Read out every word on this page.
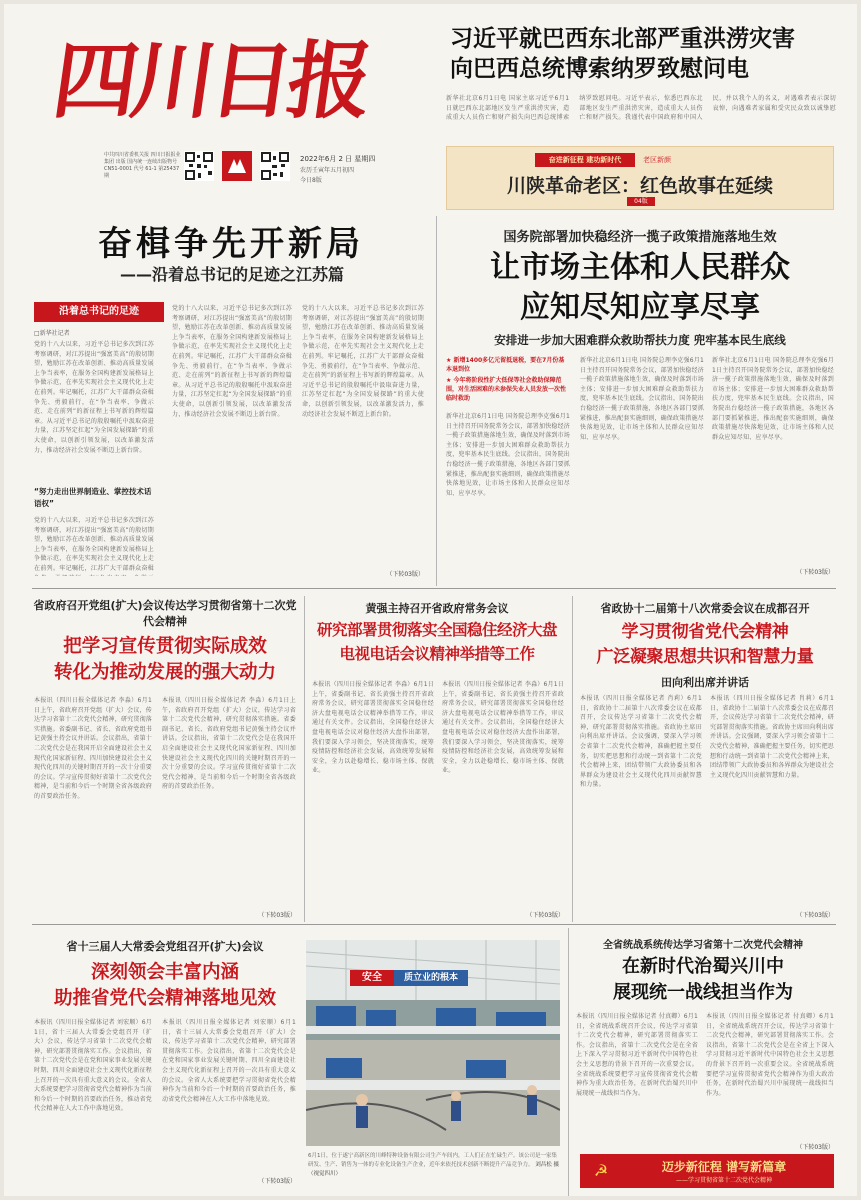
四川日报
中共四川省委机关报 四川日报报业集团 出版 国内统一连续出版物号 CN51-0001 代号 61-1 第25437期
2022年6月 2 日 星期四
农历壬寅年五月初四
今日8版
习近平就巴西东北部严重洪涝灾害
向巴西总统博索纳罗致慰问电
新华社北京6月1日电 国家主席习近平6月1日就巴西东北部地区发生严重洪涝灾害，造成重大人员伤亡和财产损失向巴西总统博索纳罗致慰问电。习近平表示，惊悉巴西东北部地区发生严重洪涝灾害，造成重大人员伤亡和财产损失。我谨代表中国政府和中国人民，并以我个人的名义，对遇难者表示深切哀悼，向遇难者家属和受灾民众致以诚挚慰
奋进新征程 建功新时代	老区新颜
川陕革命老区：红色故事在延续
04版
奋楫争先开新局
——沿着总书记的足迹之江苏篇
沿着总书记的足迹
□新华社记者
党的十八大以来，习近平总书记多次到江苏考察调研，对江苏提出“强富美高”的殷切期望，勉励江苏在改革创新、推动高质量发展上争当表率，在服务全国构建新发展格局上争做示范，在率先实现社会主义现代化上走在前列。牢记嘱托，江苏广大干部群众奋楫争先、勇毅前行，在“争当表率、争做示范、走在前列”的新征程上书写新的辉煌篇章。从习近平总书记的殷殷嘱托中汲取奋进力量，江苏坚定扛起“为全国发展探路”的重大使命，以创新引领发展，以改革激发活力，推动经济社会发展不断迈上新台阶。
“努力走出世界制造业、掌控技术话语权”
党的十八大以来，习近平总书记多次到江苏考察调研，对江苏提出“强富美高”的殷切期望，勉励江苏在改革创新、推动高质量发展上争当表率，在服务全国构建新发展格局上争做示范，在率先实现社会主义现代化上走在前列。牢记嘱托，江苏广大干部群众奋楫
党的十八大以来，习近平总书记多次到江苏考察调研，对江苏提出“强富美高”的殷切期望，勉励江苏在改革创新、推动高质量发展上争当表率，在服务全国构建新发展格局上争做示范，在率先实现社会主义现代化上走在前列。牢记嘱托，江苏广大干部群众奋楫争先、勇毅前行，在“争当表率、争做示范、走在前列”的新征程上书写新的辉煌篇章。从习近平总书记的殷殷嘱托中汲取奋进力量，江苏坚定扛起“为全国发展探路”的重大使命，以创新引领发展，以改革激发活力，推动经济社会发展不断迈上新台阶。
党的十八大以来，习近平总书记多次到江苏考察调研，对江苏提出“强富美高”的殷切期望，勉励江苏在改革创新、推动高质量发展上争当表率，在服务全国构建新发展格局上争做示范，在率先实现社会主义现代化上走在前列。牢记嘱托，江苏广大干部群众奋楫争先、勇毅前行，在“争当表率、争做示范、走在前列”的新征程上书写新的辉煌篇章。从习近平总书记的殷殷嘱托中汲取奋进力量，江苏坚定扛起“为全国发展探路”的重大使命，以创新引领发展，以改革激发活力，推动经济社会发展不断迈上新台阶。
（下转03版）
国务院部署加快稳经济一揽子政策措施落地生效
让市场主体和人民群众
应知尽知应享尽享
安排进一步加大困难群众救助帮扶力度 兜牢基本民生底线
★ 新增1400多亿元留抵退税，要在7月份基本退到位
★ 今年将阶段性扩大低保等社会救助保障范围，对生活困难的未参保失业人员发放一次性临时救助
新华社北京6月1日电 国务院总理李克强6月1日主持召开国务院常务会议，部署加快稳经济一揽子政策措施落地生效，确保及时落到市场主体；安排进一步加大困难群众救助帮扶力度，兜牢基本民生底线。会议指出，国务院出台稳经济一揽子政策措施，各地区各部门要抓紧推进，推出配套实施细则，确保政策措施尽快落地见效，让市场主体和人民群众应知尽知、应享尽享。
新华社北京6月1日电 国务院总理李克强6月1日主持召开国务院常务会议，部署加快稳经济一揽子政策措施落地生效，确保及时落到市场主体；安排进一步加大困难群众救助帮扶力度，兜牢基本民生底线。会议指出，国务院出台稳经济一揽子政策措施，各地区各部门要抓紧推进，推出配套实施细则，确保政策措施尽快落地见效，让市场主体和人民群众应知尽知、应享尽享。
新华社北京6月1日电 国务院总理李克强6月1日主持召开国务院常务会议，部署加快稳经济一揽子政策措施落地生效，确保及时落到市场主体；安排进一步加大困难群众救助帮扶力度，兜牢基本民生底线。会议指出，国务院出台稳经济一揽子政策措施，各地区各部门要抓紧推进，推出配套实施细则，确保政策措施尽快落地见效，让市场主体和人民群众应知尽知、应享尽享。
（下转03版）
省政府召开党组(扩大)会议传达学习贯彻省第十二次党代会精神
把学习宣传贯彻实际成效
转化为推动发展的强大动力
本报讯（四川日报全媒体记者 李淼）6月1日上午，省政府召开党组（扩大）会议，传达学习省第十二次党代会精神，研究贯彻落实措施。省委副书记、省长、省政府党组书记黄强主持会议并讲话。会议指出，省第十二次党代会是在我国开启全面建设社会主义现代化国家新征程、四川加快建设社会主义现代化四川的关键时期召开的一次十分重要的会议。学习宣传贯彻好省第十二次党代会精神，是当前和今后一个时期全省各级政府的首要政治任务。
本报讯（四川日报全媒体记者 李淼）6月1日上午，省政府召开党组（扩大）会议，传达学习省第十二次党代会精神，研究贯彻落实措施。省委副书记、省长、省政府党组书记黄强主持会议并讲话。会议指出，省第十二次党代会是在我国开启全面建设社会主义现代化国家新征程、四川加快建设社会主义现代化四川的关键时期召开的一次十分重要的会议。学习宣传贯彻好省第十二次党代会精神，是当前和今后一个时期全省各级政府的首要政治任务。
（下转03版）
黄强主持召开省政府常务会议
研究部署贯彻落实全国稳住经济大盘
电视电话会议精神举措等工作
本报讯（四川日报全媒体记者 李淼）6月1日上午，省委副书记、省长黄强主持召开省政府常务会议，研究部署贯彻落实全国稳住经济大盘电视电话会议精神举措等工作，审议通过有关文件。会议指出，全国稳住经济大盘电视电话会议对稳住经济大盘作出部署，我们要深入学习领会，坚决贯彻落实，统筹疫情防控和经济社会发展，高效统筹发展和安全，全力以赴稳增长、稳市场主体、保就业。
本报讯（四川日报全媒体记者 李淼）6月1日上午，省委副书记、省长黄强主持召开省政府常务会议，研究部署贯彻落实全国稳住经济大盘电视电话会议精神举措等工作，审议通过有关文件。会议指出，全国稳住经济大盘电视电话会议对稳住经济大盘作出部署，我们要深入学习领会，坚决贯彻落实，统筹疫情防控和经济社会发展，高效统筹发展和安全，全力以赴稳增长、稳市场主体、保就业。
（下转03版）
省政协十二届第十八次常委会议在成都召开
学习贯彻省党代会精神
广泛凝聚思想共识和智慧力量
田向利出席并讲话
本报讯（四川日报全媒体记者 肖莉）6月1日，省政协十二届第十八次常委会议在成都召开，会议传达学习省第十二次党代会精神，研究部署贯彻落实措施。省政协主席田向利出席并讲话。会议强调，要深入学习领会省第十二次党代会精神，准确把握主要任务，切实把思想和行动统一到省第十二次党代会精神上来，团结带领广大政协委员和各界群众为建设社会主义现代化四川贡献智慧和力量。
本报讯（四川日报全媒体记者 肖莉）6月1日，省政协十二届第十八次常委会议在成都召开，会议传达学习省第十二次党代会精神，研究部署贯彻落实措施。省政协主席田向利出席并讲话。会议强调，要深入学习领会省第十二次党代会精神，准确把握主要任务，切实把思想和行动统一到省第十二次党代会精神上来，团结带领广大政协委员和各界群众为建设社会主义现代化四川贡献智慧和力量。
（下转03版）
省十三届人大常委会党组召开(扩大)会议
深刻领会丰富内涵
助推省党代会精神落地见效
本报讯（四川日报全媒体记者 刘宏顺）6月1日，省十三届人大常委会党组召开（扩大）会议，传达学习省第十二次党代会精神，研究部署贯彻落实工作。会议指出，省第十二次党代会是在党和国家事业发展关键时期、四川全面建设社会主义现代化新征程上召开的一次具有重大意义的会议。全省人大系统要把学习贯彻省党代会精神作为当前和今后一个时期的首要政治任务，推动省党代会精神在人大工作中落地见效。
本报讯（四川日报全媒体记者 刘宏顺）6月1日，省十三届人大常委会党组召开（扩大）会议，传达学习省第十二次党代会精神，研究部署贯彻落实工作。会议指出，省第十二次党代会是在党和国家事业发展关键时期、四川全面建设社会主义现代化新征程上召开的一次具有重大意义的会议。全省人大系统要把学习贯彻省党代会精神作为当前和今后一个时期的首要政治任务，推动省党代会精神在人大工作中落地见效。
（下转03版）
安全	质立业的根本
6月1日，位于遂宁高新区的川峰特种设备有限公司生产车间内，工人们正在忙碌生产。该公司是一家集研发、生产、销售为一体的专业化设备生产企业，近年来依托技术创新不断提升产品竞争力。 刘昌松 摄（视觉四川）
全省统战系统传达学习省第十二次党代会精神
在新时代治蜀兴川中
展现统一战线担当作为
本报讯（四川日报全媒体记者 付真卿）6月1日，全省统战系统召开会议，传达学习省第十二次党代会精神，研究部署贯彻落实工作。会议指出，省第十二次党代会是在全省上下深入学习贯彻习近平新时代中国特色社会主义思想的背景下召开的一次重要会议。全省统战系统要把学习宣传贯彻省党代会精神作为重大政治任务，在新时代治蜀兴川中展现统一战线担当作为。
本报讯（四川日报全媒体记者 付真卿）6月1日，全省统战系统召开会议，传达学习省第十二次党代会精神，研究部署贯彻落实工作。会议指出，省第十二次党代会是在全省上下深入学习贯彻习近平新时代中国特色社会主义思想的背景下召开的一次重要会议。全省统战系统要把学习宣传贯彻省党代会精神作为重大政治任务，在新时代治蜀兴川中展现统一战线担当作为。
（下转03版）
☭	迈步新征程 谱写新篇章
——学习贯彻省第十二次党代会精神
